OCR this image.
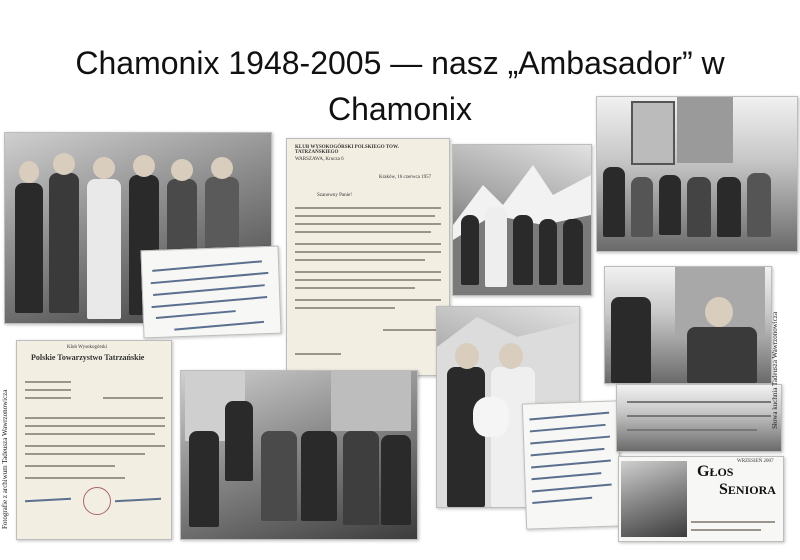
Chamonix 1948-2005 — nasz „Ambasador” w Chamonix
KLUB WYSOKOGÓRSKI POLSKIEGO TOW. TATRZAŃSKIEGO
WARSZAWA, Krucza 6
Kraków, 16 czerwca 1957
Szanowny Panie!
Klub Wysokogórski
Polskie Towarzystwo Tatrzańskie
GŁOS
SENIORA
WRZESIEŃ 2007
Fotografie z archiwum Tadeusza Wawrzonowicza
Słowa kuchnia Tadeusza Wawrzonowicza
